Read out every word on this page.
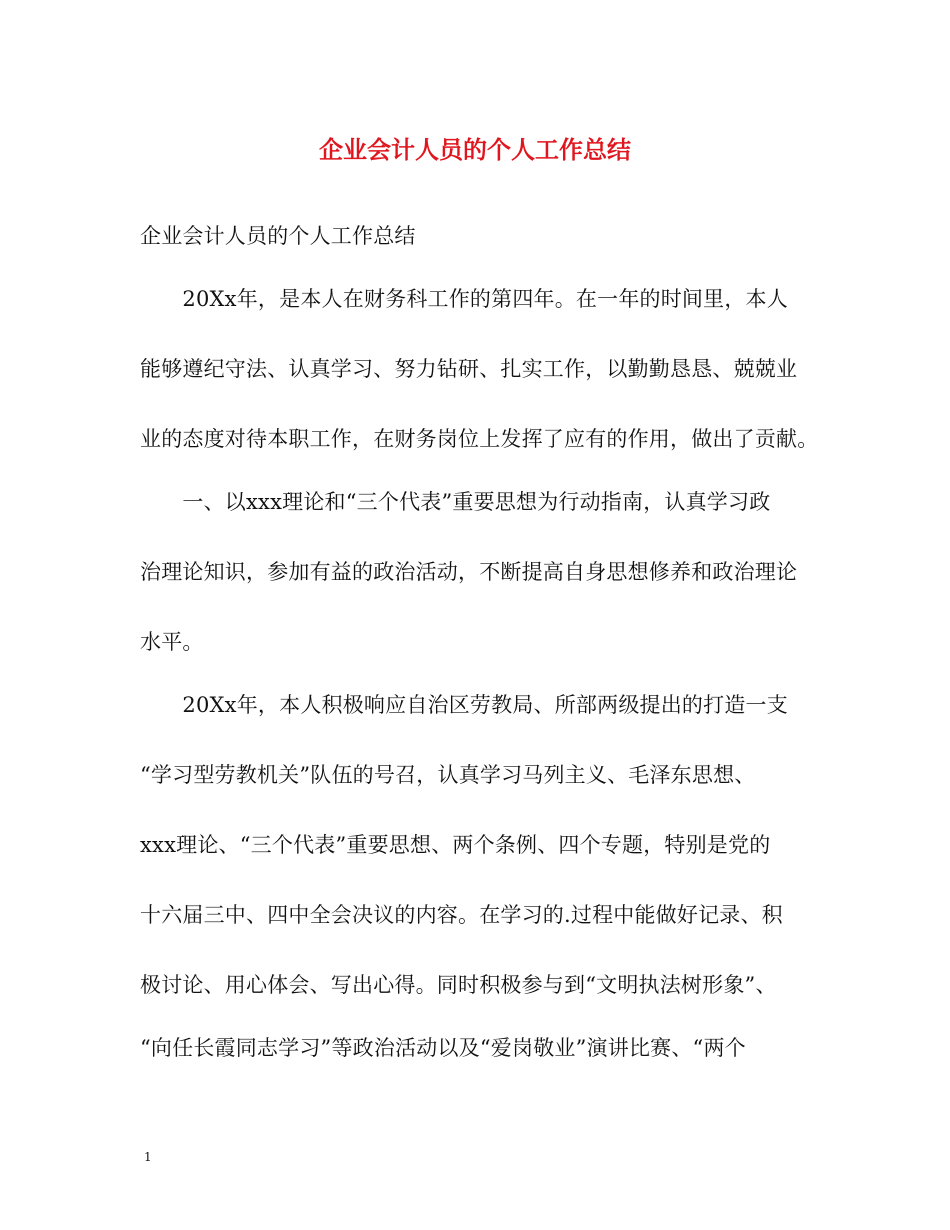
企业会计人员的个人工作总结
企业会计人员的个人工作总结
　　20Xx年，是本人在财务科工作的第四年。在一年的时间里，本人
能够遵纪守法、认真学习、努力钻研、扎实工作，以勤勤恳恳、兢兢业
业的态度对待本职工作，在财务岗位上发挥了应有的作用，做出了贡献。
　　一、以xxx理论和“三个代表”重要思想为行动指南，认真学习政
治理论知识，参加有益的政治活动，不断提高自身思想修养和政治理论
水平。
　　20Xx年，本人积极响应自治区劳教局、所部两级提出的打造一支
“学习型劳教机关”队伍的号召，认真学习马列主义、毛泽东思想、
xxx理论、“三个代表”重要思想、两个条例、四个专题，特别是党的
十六届三中、四中全会决议的内容。在学习的.过程中能做好记录、积
极讨论、用心体会、写出心得。同时积极参与到“文明执法树形象”、
“向任长霞同志学习”等政治活动以及“爱岗敬业”演讲比赛、“两个
1
